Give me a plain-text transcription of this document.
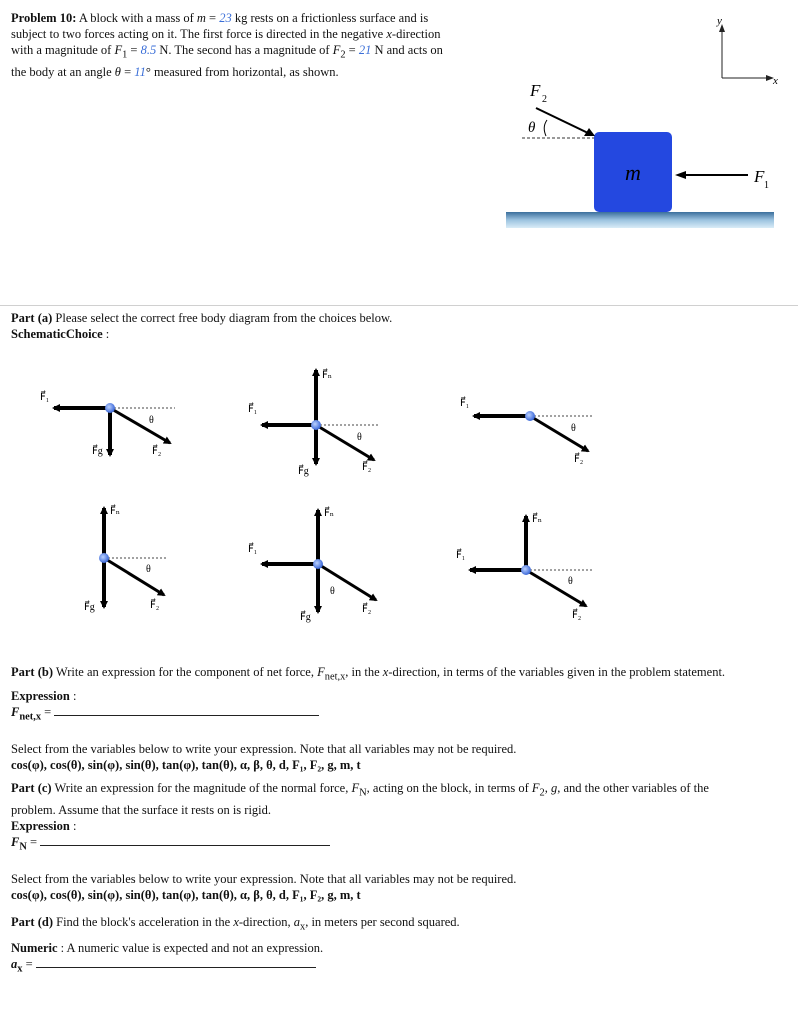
Problem 10: A block with a mass of m = 23 kg rests on a frictionless surface and is
subject to two forces acting on it. The first force is directed in the negative x-direction
with a magnitude of $F_1 = 8.5$ N. The second has a magnitude of $F_2 = 21$ N and acts on
the body at an angle θ = 11° measured from horizontal, as shown.
y
x
m
F 2
θ
F 1
Part (a) Please select the correct free body diagram from the choices below.
SchematicChoice :
F⃗₁
F⃗g	F⃗₂
θ
F⃗₁
F⃗ₙ
F⃗g	F⃗₂
θ
F⃗₁
F⃗₂
θ
F⃗ₙ
F⃗g	F⃗₂
θ
F⃗₁
F⃗ₙ
F⃗g
F⃗₂
θ
F⃗₁
F⃗ₙ
F⃗₂
θ
Part (b) Write an expression for the component of net force, $F_{net,x}$, in the x-direction, in terms of the variables given in the problem statement.
Expression :
$F_{net,x}$ =
Select from the variables below to write your expression. Note that all variables may not be required.
cos(φ), cos(θ), sin(φ), sin(θ), tan(φ), tan(θ), α, β, θ, d, F₁, F₂, g, m, t
Part (c) Write an expression for the magnitude of the normal force, $F_N$, acting on the block, in terms of $F_2$, g, and the other variables of the
problem. Assume that the surface it rests on is rigid.
Expression :
$F_N$ =
Select from the variables below to write your expression. Note that all variables may not be required.
cos(φ), cos(θ), sin(φ), sin(θ), tan(φ), tan(θ), α, β, θ, d, F₁, F₂, g, m, t
Part (d) Find the block's acceleration in the x-direction, $a_x$, in meters per second squared.
Numeric : A numeric value is expected and not an expression.
$a_x$ =
